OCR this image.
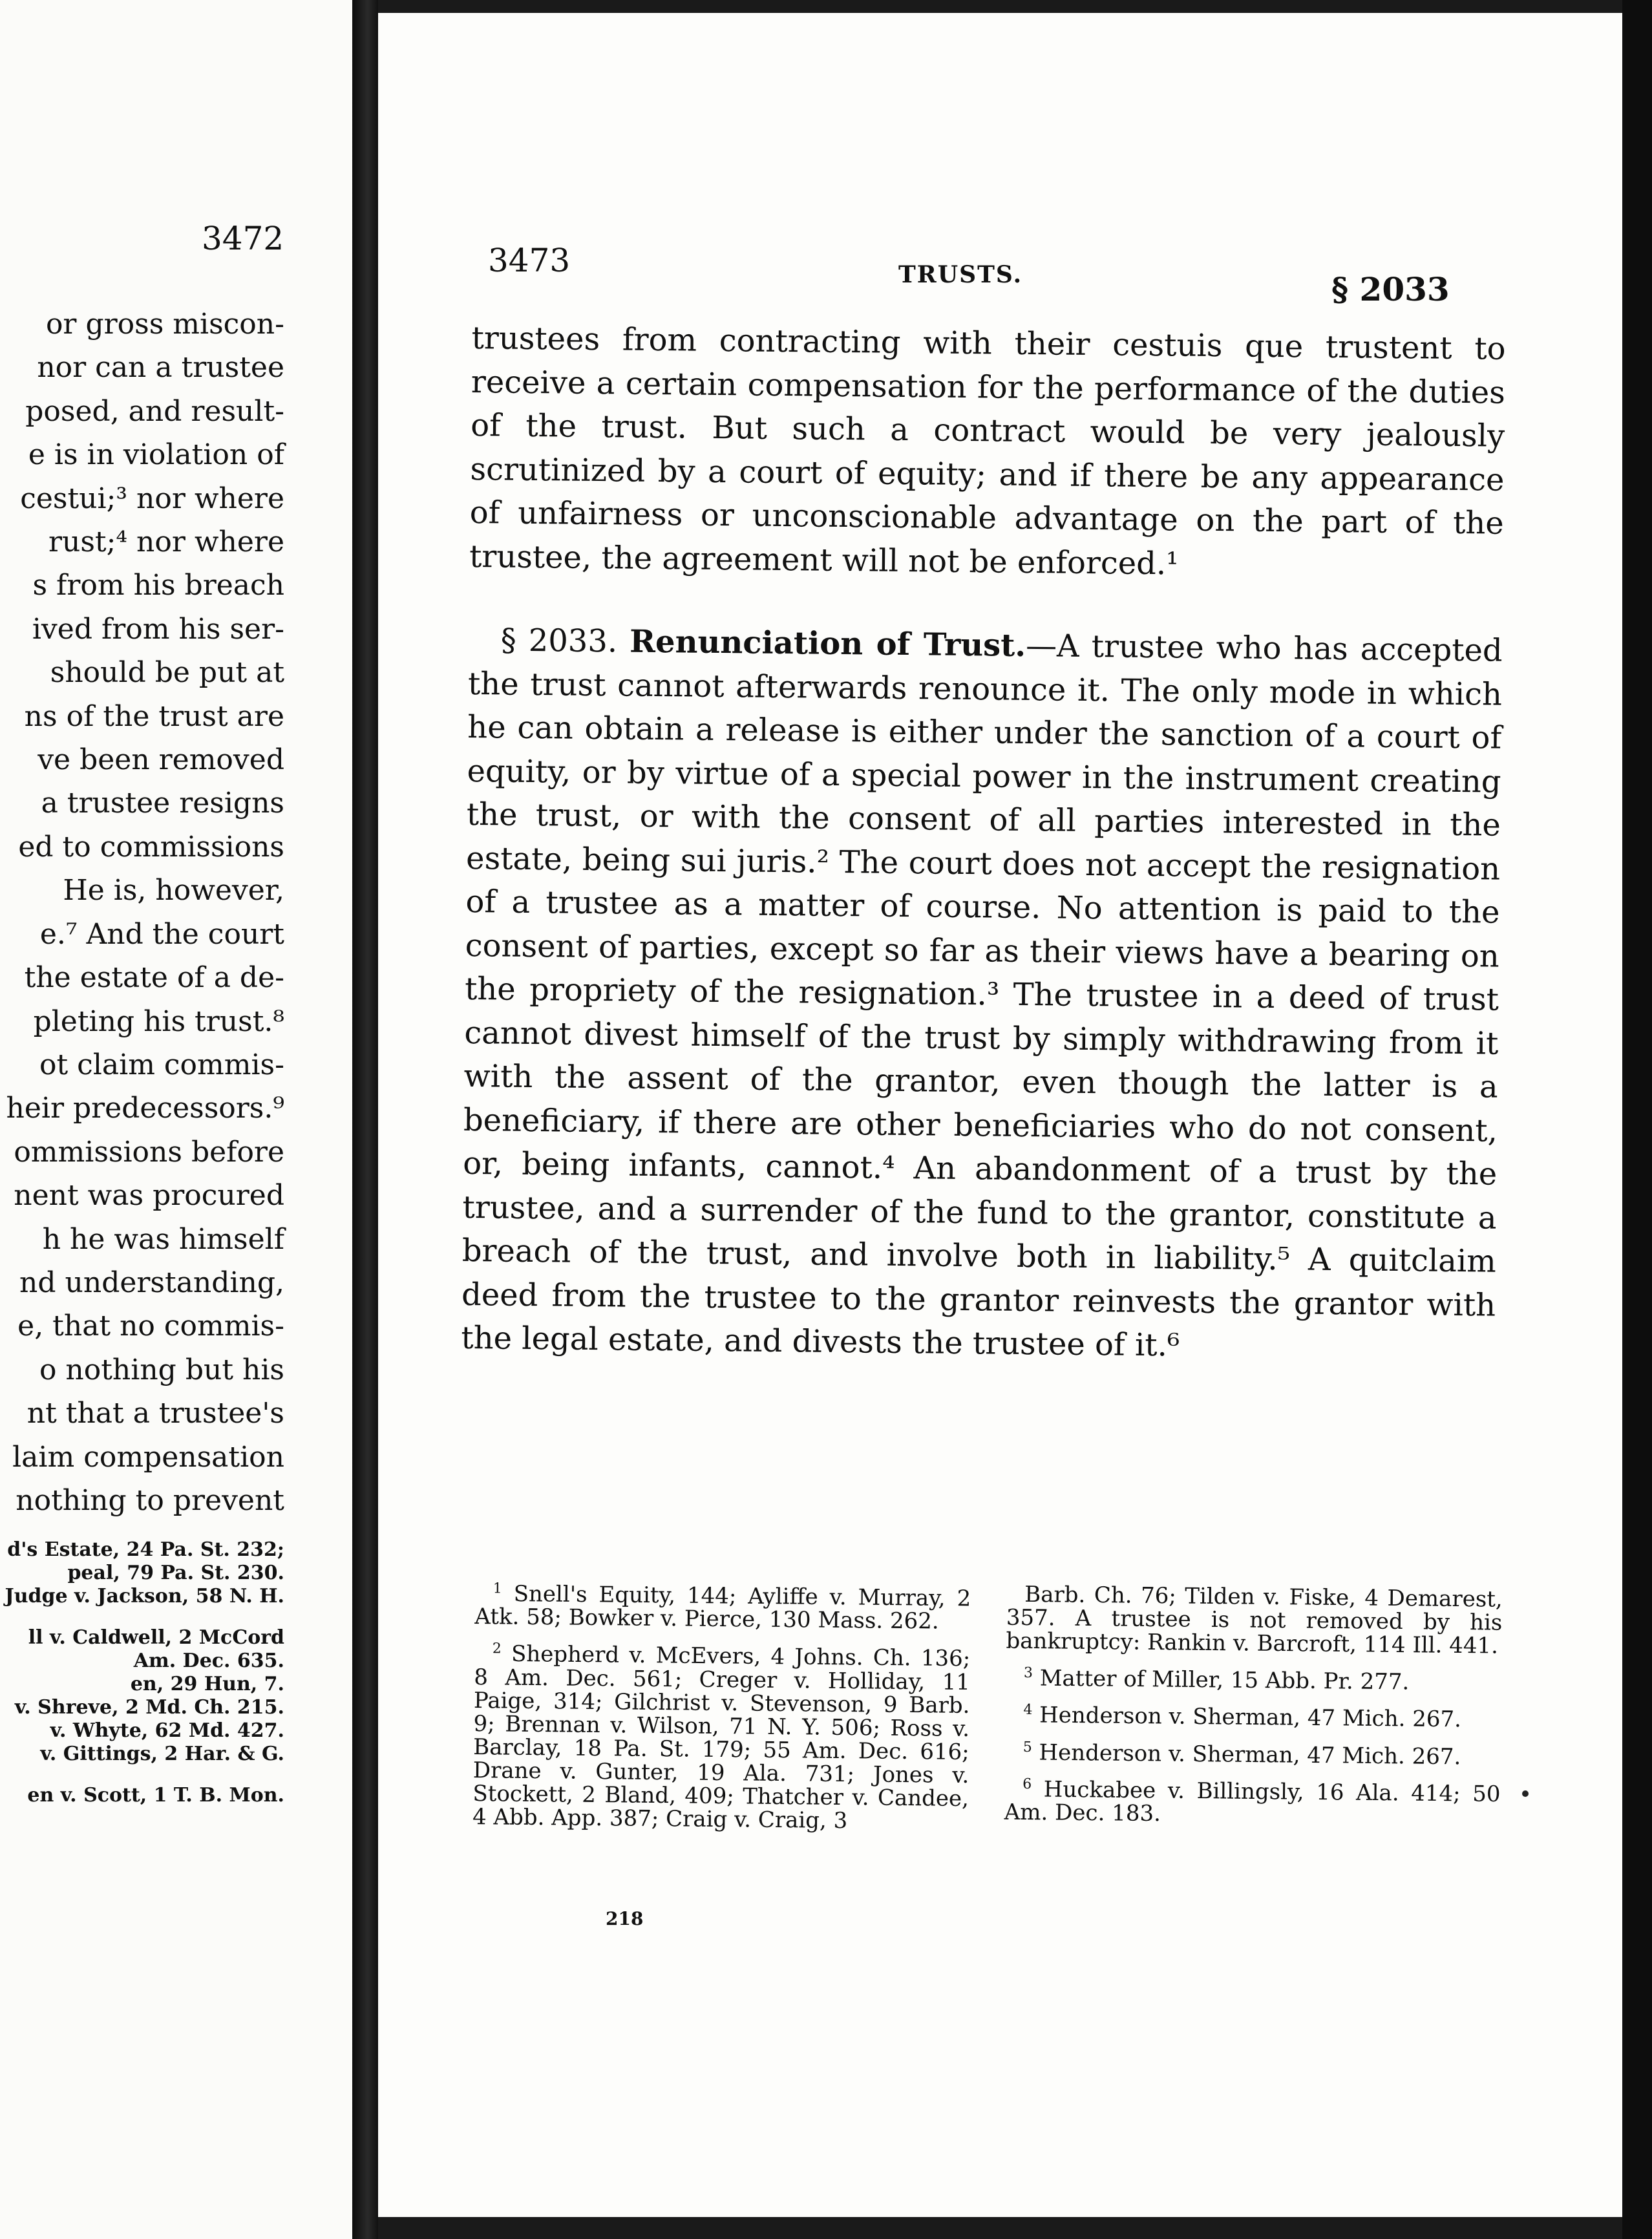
3472
or gross miscon-
nor can a trustee
posed, and result-
e is in violation of
cestui;³ nor where
rust;⁴ nor where
s from his breach
ived from his ser-
should be put at
ns of the trust are
ve been removed
a trustee resigns
ed to commissions
He is, however,
e.⁷ And the court
the estate of a de-
pleting his trust.⁸
ot claim commis-
heir predecessors.⁹
ommissions before
nent was procured
h he was himself
nd understanding,
e, that no commis-
o nothing but his
nt that a trustee's
laim compensation
nothing to prevent
d's Estate, 24 Pa. St. 232;
peal, 79 Pa. St. 230.
Judge v. Jackson, 58 N. H.
ll v. Caldwell, 2 McCord
Am. Dec. 635.
en, 29 Hun, 7.
v. Shreve, 2 Md. Ch. 215.
v. Whyte, 62 Md. 427.
v. Gittings, 2 Har. & G.
en v. Scott, 1 T. B. Mon.
3473	TRUSTS.	§ 2033

trustees from contracting with their cestuis que trustent to receive a certain compensation for the performance of the duties of the trust. But such a contract would be very jealously scrutinized by a court of equity; and if there be any appearance of unfairness or unconscionable advantage on the part of the trustee, the agreement will not be enforced.¹

§ 2033. Renunciation of Trust.—A trustee who has accepted the trust cannot afterwards renounce it. The only mode in which he can obtain a release is either under the sanction of a court of equity, or by virtue of a special power in the instrument creating the trust, or with the consent of all parties interested in the estate, being sui juris.² The court does not accept the resignation of a trustee as a matter of course. No attention is paid to the consent of parties, except so far as their views have a bearing on the propriety of the resignation.³ The trustee in a deed of trust cannot divest himself of the trust by simply withdrawing from it with the assent of the grantor, even though the latter is a beneficiary, if there are other beneficiaries who do not consent, or, being infants, cannot.⁴ An abandonment of a trust by the trustee, and a surrender of the fund to the grantor, constitute a breach of the trust, and involve both in liability.⁵ A quitclaim deed from the trustee to the grantor reinvests the grantor with the legal estate, and divests the trustee of it.⁶

$^1$ Snell's Equity, 144; Ayliffe v. Murray, 2 Atk. 58; Bowker v. Pierce, 130 Mass. 262.

$^2$ Shepherd v. McEvers, 4 Johns. Ch. 136; 8 Am. Dec. 561; Creger v. Holliday, 11 Paige, 314; Gilchrist v. Stevenson, 9 Barb. 9; Brennan v. Wilson, 71 N. Y. 506; Ross v. Barclay, 18 Pa. St. 179; 55 Am. Dec. 616; Drane v. Gunter, 19 Ala. 731; Jones v. Stockett, 2 Bland, 409; Thatcher v. Candee, 4 Abb. App. 387; Craig v. Craig, 3

Barb. Ch. 76; Tilden v. Fiske, 4 Demarest, 357. A trustee is not removed by his bankruptcy: Rankin v. Barcroft, 114 Ill. 441.

$^3$ Matter of Miller, 15 Abb. Pr. 277.

$^4$ Henderson v. Sherman, 47 Mich. 267.

$^5$ Henderson v. Sherman, 47 Mich. 267.

$^6$ Huckabee v. Billingsly, 16 Ala. 414; 50 Am. Dec. 183.

218
